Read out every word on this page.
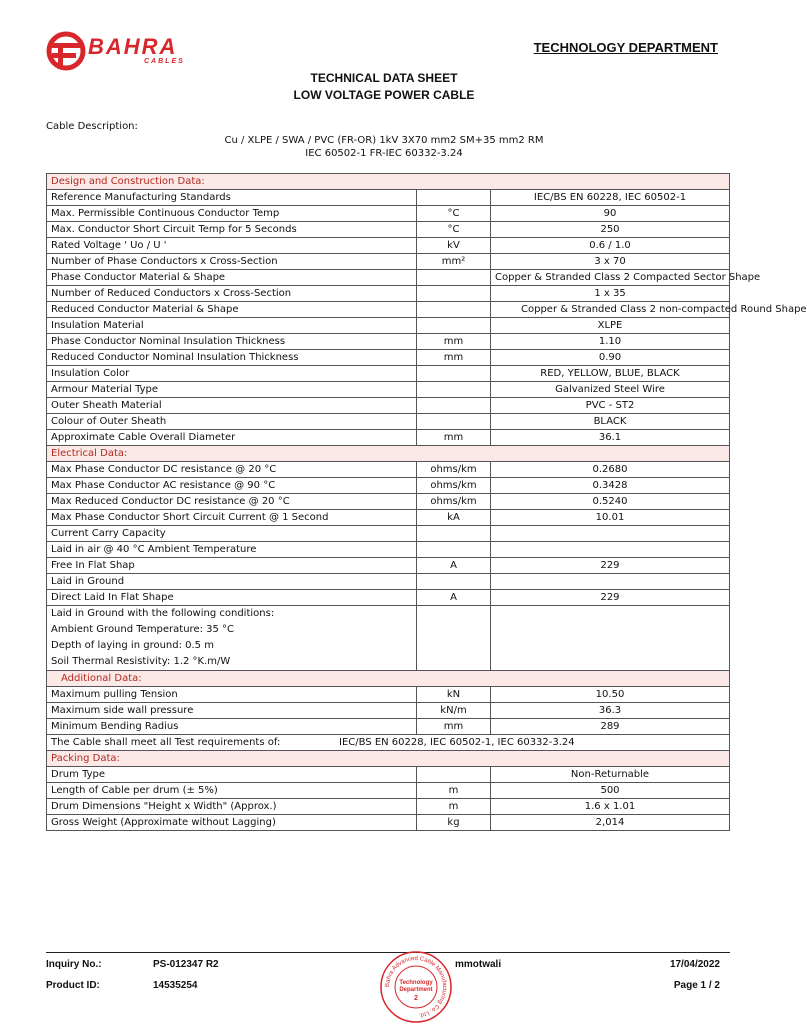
BAHRA
CABLES
TECHNOLOGY DEPARTMENT
TECHNICAL DATA SHEET
LOW VOLTAGE POWER CABLE
Cable Description:
Cu / XLPE / SWA / PVC (FR-OR) 1kV 3X70 mm2 SM+35 mm2 RM
IEC 60502-1 FR-IEC 60332-3.24
Design and Construction Data:		
Reference Manufacturing Standards		IEC/BS EN 60228, IEC 60502-1
Max. Permissible Continuous Conductor Temp	°C	90
Max. Conductor Short Circuit Temp for 5 Seconds	°C	250
Rated Voltage ' Uo / U '	kV	0.6 / 1.0
Number of Phase Conductors x Cross-Section	mm²	3 x 70
Phase Conductor Material & Shape		Copper & Stranded Class 2 Compacted Sector Shape
Number of Reduced Conductors x Cross-Section		1 x 35
Reduced Conductor Material & Shape		Copper & Stranded Class 2 non-compacted Round Shape
Insulation Material		XLPE
Phase Conductor Nominal Insulation Thickness	mm	1.10
Reduced Conductor Nominal Insulation Thickness	mm	0.90
Insulation Color		RED, YELLOW, BLUE, BLACK
Armour Material Type		Galvanized Steel Wire
Outer Sheath Material		PVC - ST2
Colour of Outer Sheath		BLACK
Approximate Cable Overall Diameter	mm	36.1
Electrical Data:		
Max Phase Conductor DC resistance @ 20 °C	ohms/km	0.2680
Max Phase Conductor AC resistance @ 90 °C	ohms/km	0.3428
Max Reduced Conductor DC resistance @ 20 °C	ohms/km	0.5240
Max Phase Conductor Short Circuit Current @ 1 Second	kA	10.01
Current Carry Capacity		
Laid in air @ 40 °C Ambient Temperature		
Free In Flat Shap	A	229
Laid in Ground		
Direct Laid In Flat Shape	A	229

Laid in Ground with the following conditions:
Ambient Ground Temperature: 35 °C
Depth of laying in ground: 0.5 m
Soil Thermal Resistivity: 1.2 °K.m/W		

Additional Data:		
Maximum pulling Tension	kN	10.50
Maximum side wall pressure	kN/m	36.3
Minimum Bending Radius	mm	289
The Cable shall meet all Test requirements of: IEC/BS EN 60228, IEC 60502-1, IEC 60332-3.24		

Packing Data:		
Drum Type		Non-Returnable
Length of Cable per drum (± 5%)	m	500
Drum Dimensions "Height x Width" (Approx.)	m	1.6 x 1.01
Gross Weight (Approximate without Lagging)	kg	2,014
Inquiry No.:	PS-012347 R2
Product ID:	14535254
mmotwali	17/04/2022
Page 1 / 2
Bahra Advanced Cable Manufacturing Co. Ltd.
Technology
Department
2
